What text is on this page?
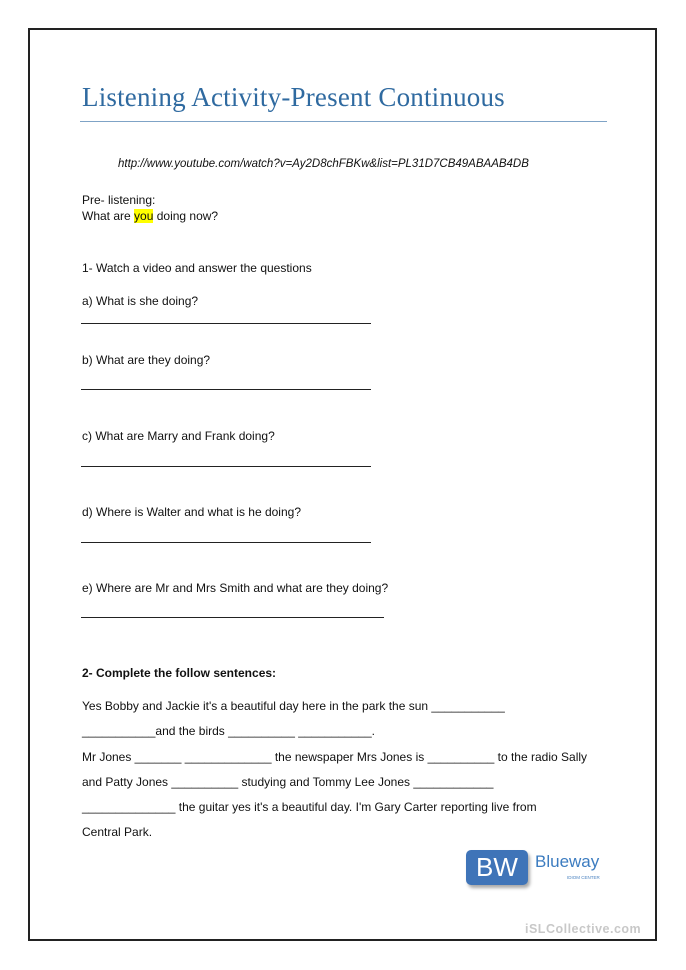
Listening Activity-Present Continuous
http://www.youtube.com/watch?v=Ay2D8chFBKw&list=PL31D7CB49ABAAB4DB
Pre- listening:
What are you doing now?
1- Watch a video and answer the questions
a) What is she doing?
b) What are they doing?
c) What are Marry and Frank doing?
d) Where is Walter and what is he doing?
e) Where are Mr and Mrs Smith and what are they doing?
2- Complete the follow sentences:
Yes Bobby and Jackie it's a beautiful day here in the park the sun ___________
___________and the birds __________ ___________.
Mr Jones _______ _____________ the newspaper Mrs Jones is __________ to the radio Sally
and Patty Jones __________ studying and Tommy Lee Jones ____________
______________ the guitar yes it's a beautiful day. I'm Gary Carter reporting live from
Central Park.
BW	Blueway
IDIOM CENTER
iSLCollective.com
